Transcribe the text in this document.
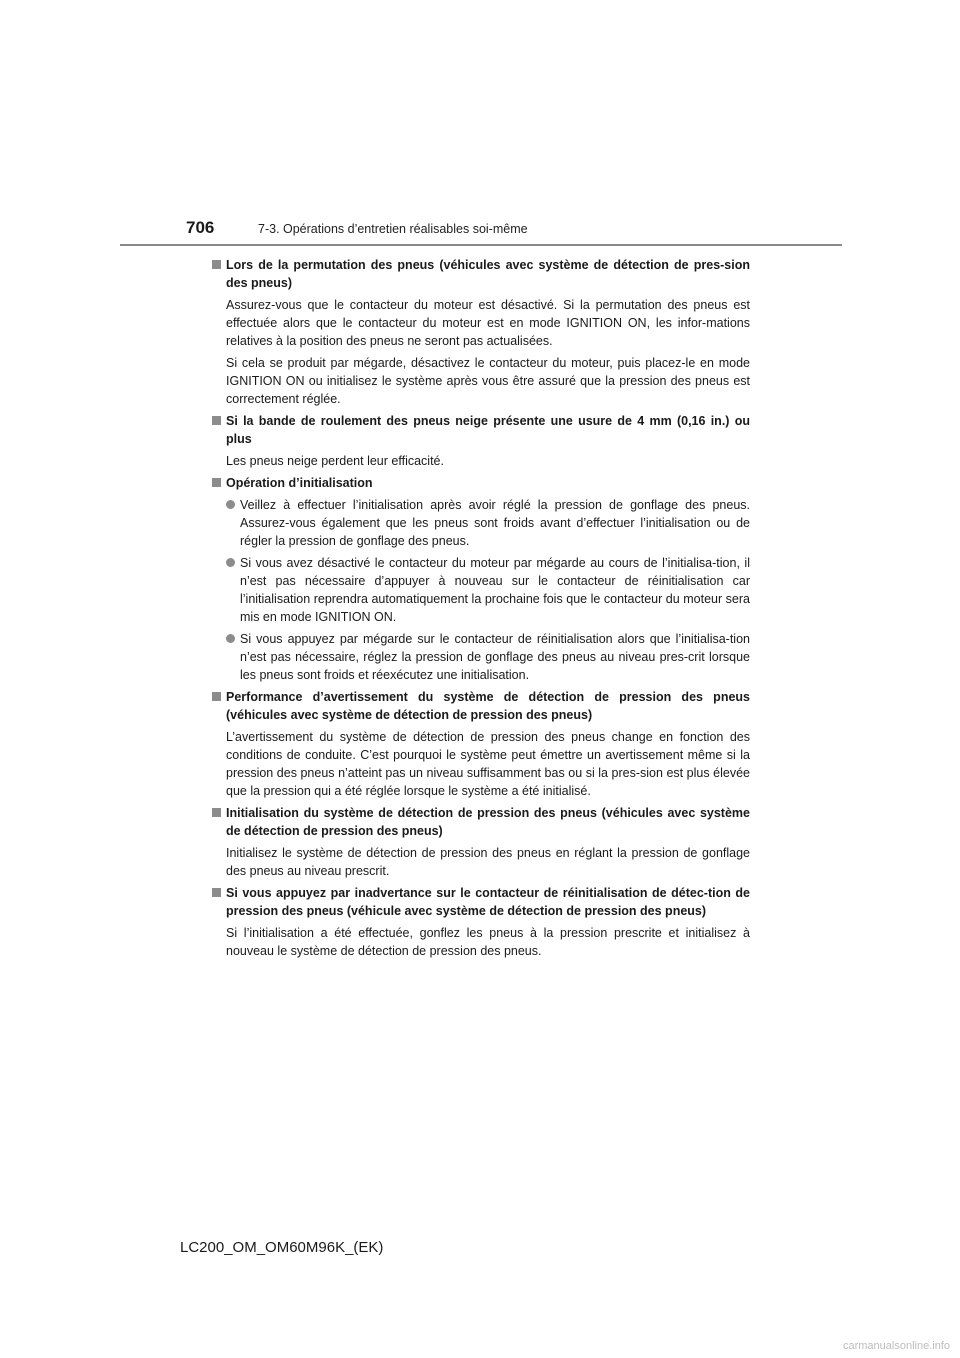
706	7-3. Opérations d’entretien réalisables soi-même
Lors de la permutation des pneus (véhicules avec système de détection de pres-sion des pneus)

Assurez-vous que le contacteur du moteur est désactivé. Si la permutation des pneus est effectuée alors que le contacteur du moteur est en mode IGNITION ON, les infor-mations relatives à la position des pneus ne seront pas actualisées.

Si cela se produit par mégarde, désactivez le contacteur du moteur, puis placez-le en mode IGNITION ON ou initialisez le système après vous être assuré que la pression des pneus est correctement réglée.

Si la bande de roulement des pneus neige présente une usure de 4 mm (0,16 in.) ou plus

Les pneus neige perdent leur efficacité.

Opération d’initialisation
Veillez à effectuer l’initialisation après avoir réglé la pression de gonflage des pneus. Assurez-vous également que les pneus sont froids avant d’effectuer l’initialisation ou de régler la pression de gonflage des pneus.
Si vous avez désactivé le contacteur du moteur par mégarde au cours de l’initialisa-tion, il n’est pas nécessaire d’appuyer à nouveau sur le contacteur de réinitialisation car l’initialisation reprendra automatiquement la prochaine fois que le contacteur du moteur sera mis en mode IGNITION ON.
Si vous appuyez par mégarde sur le contacteur de réinitialisation alors que l’initialisa-tion n’est pas nécessaire, réglez la pression de gonflage des pneus au niveau pres-crit lorsque les pneus sont froids et réexécutez une initialisation.
Performance d’avertissement du système de détection de pression des pneus (véhicules avec système de détection de pression des pneus)

L’avertissement du système de détection de pression des pneus change en fonction des conditions de conduite. C’est pourquoi le système peut émettre un avertissement même si la pression des pneus n’atteint pas un niveau suffisamment bas ou si la pres-sion est plus élevée que la pression qui a été réglée lorsque le système a été initialisé.

Initialisation du système de détection de pression des pneus (véhicules avec système de détection de pression des pneus)

Initialisez le système de détection de pression des pneus en réglant la pression de gonflage des pneus au niveau prescrit.

Si vous appuyez par inadvertance sur le contacteur de réinitialisation de détec-tion de pression des pneus (véhicule avec système de détection de pression des pneus)

Si l’initialisation a été effectuée, gonflez les pneus à la pression prescrite et initialisez à nouveau le système de détection de pression des pneus.

LC200_OM_OM60M96K_(EK)
carmanualsonline.info
